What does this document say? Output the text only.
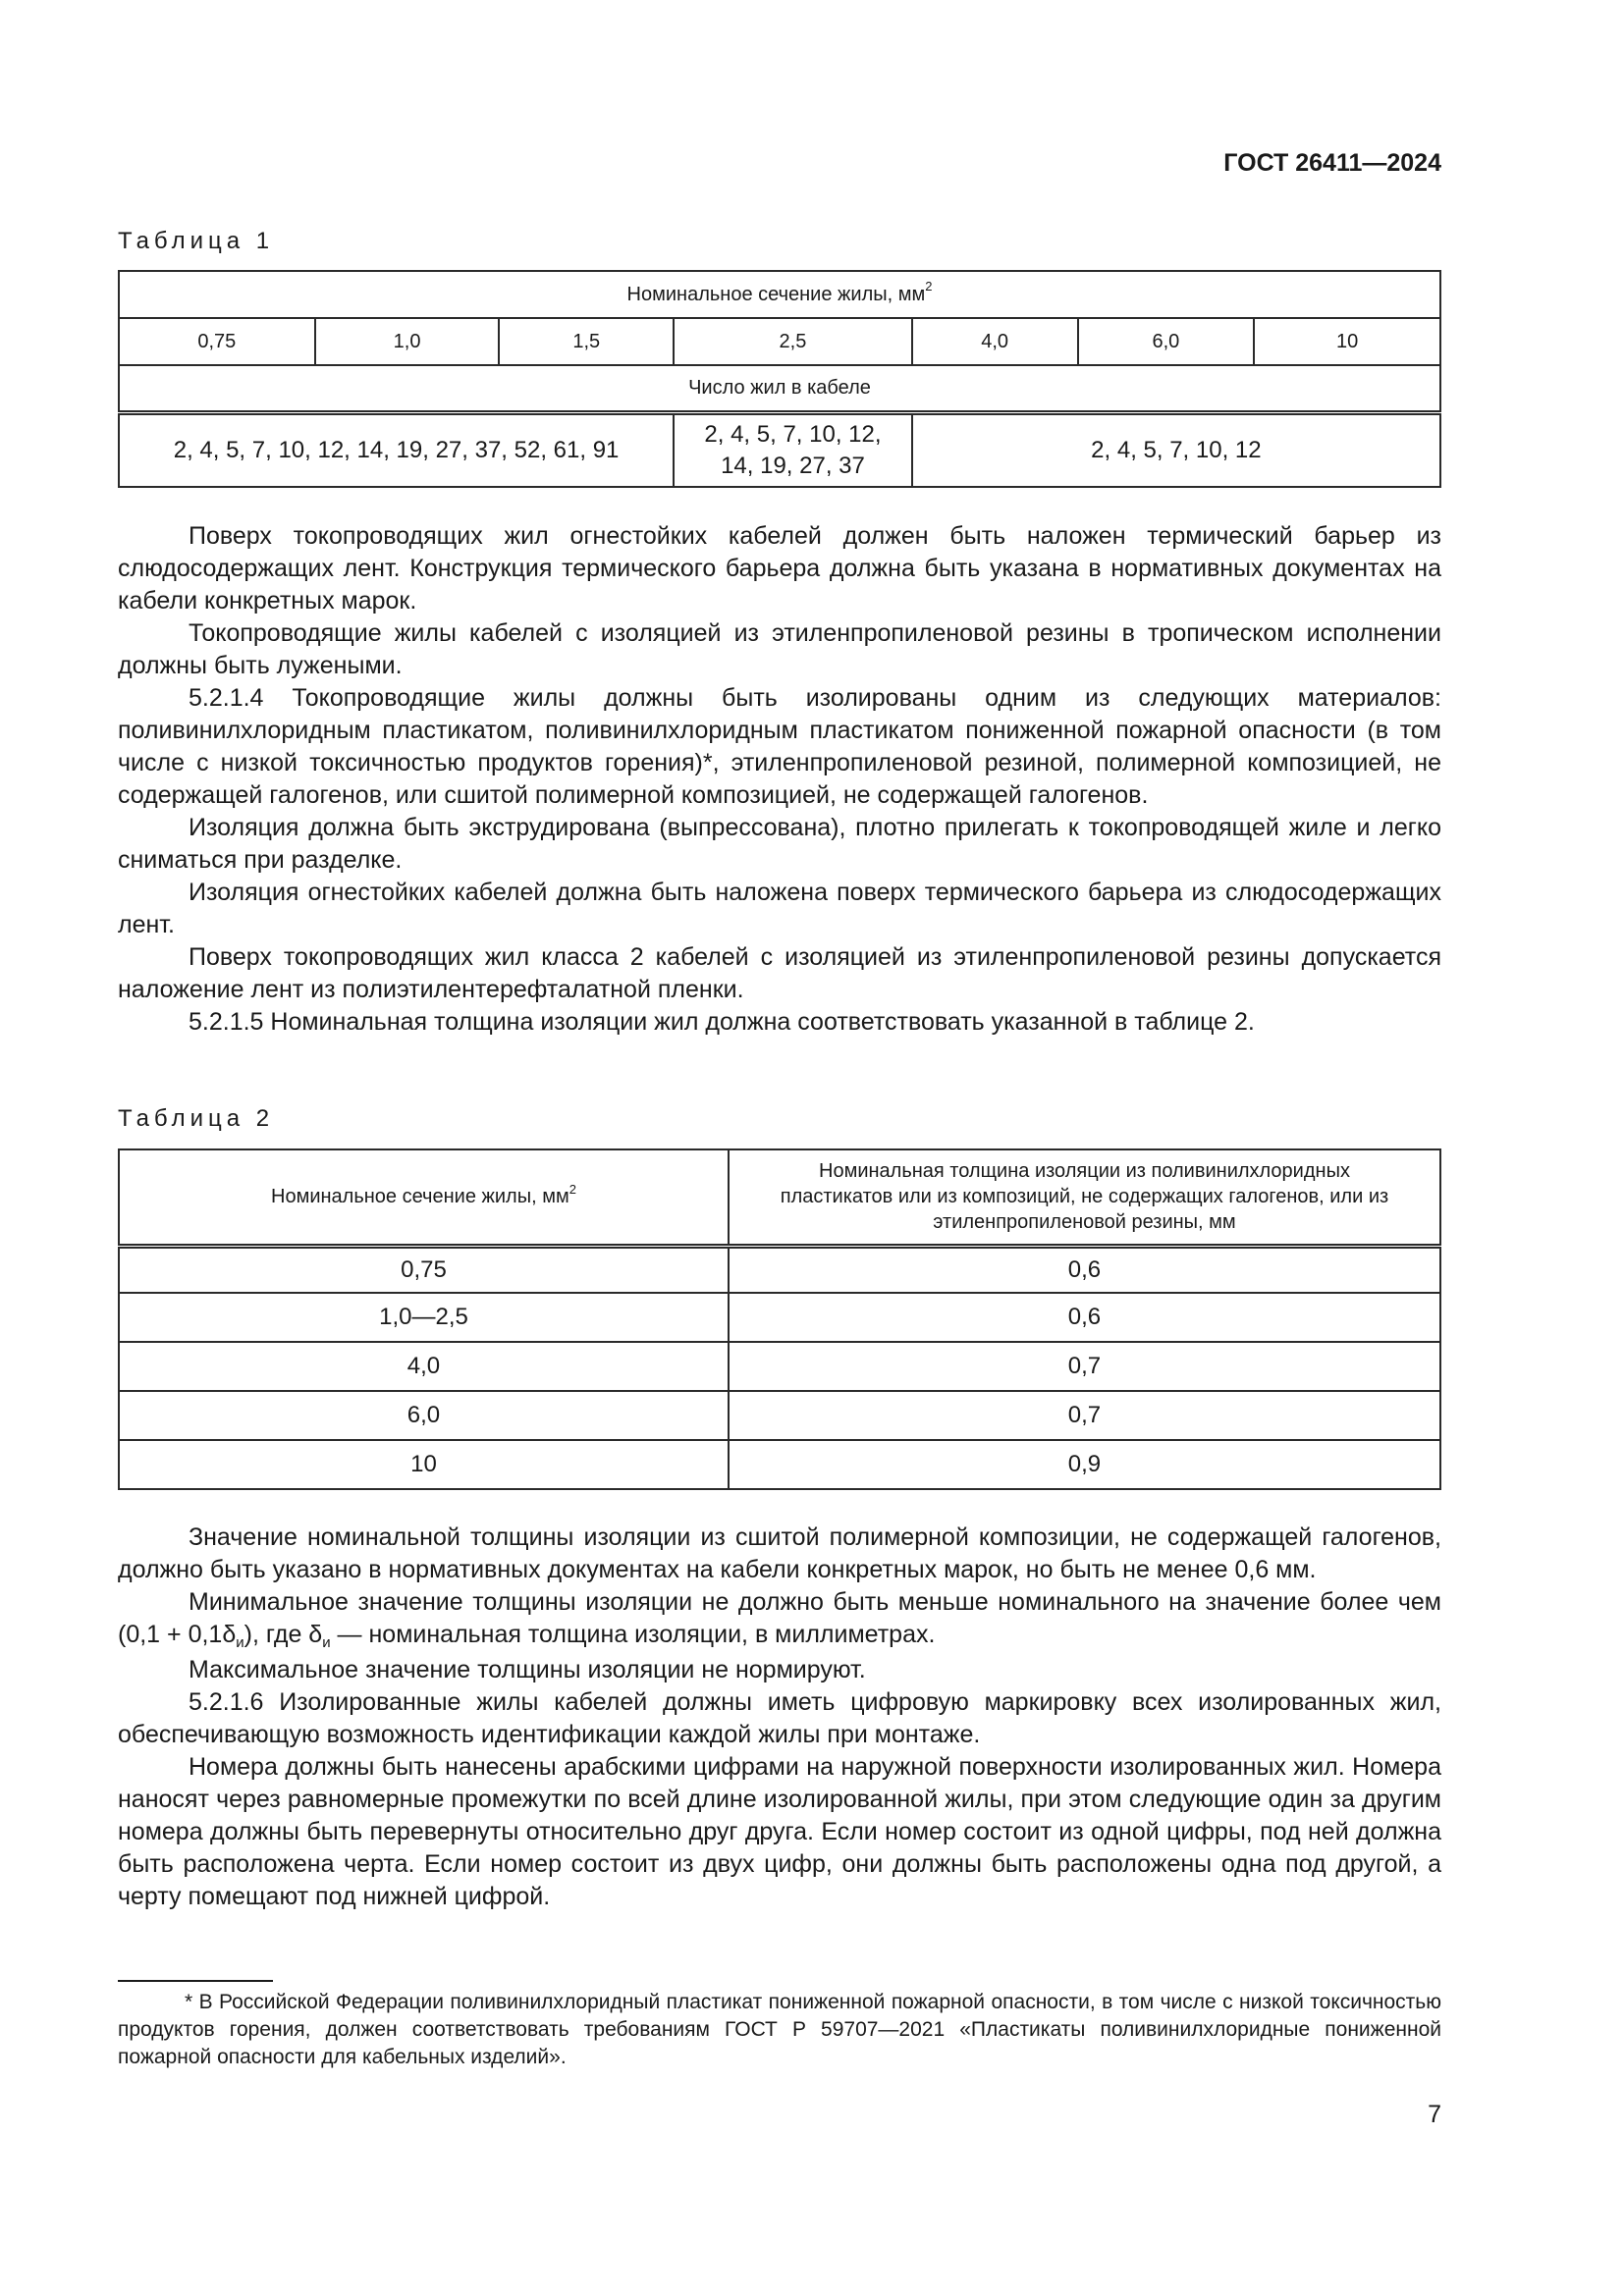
ГОСТ 26411—2024
Таблица 1
Номинальное сечение жилы, $мм^2$
0,75	1,0	1,5	2,5	4,0	6,0	10
Число жил в кабеле						
2, 4, 5, 7, 10, 12, 14, 19, 27, 37, 52, 61, 91			2, 4, 5, 7, 10, 12, 14, 19, 27, 37	2, 4, 5, 7, 10, 12		

Поверх токопроводящих жил огнестойких кабелей должен быть наложен термический барьер из слюдосодержащих лент. Конструкция термического барьера должна быть указана в нормативных документах на кабели конкретных марок.

Токопроводящие жилы кабелей с изоляцией из этиленпропиленовой резины в тропическом исполнении должны быть лужеными.

5.2.1.4 Токопроводящие жилы должны быть изолированы одним из следующих материалов: поливинилхлоридным пластикатом, поливинилхлоридным пластикатом пониженной пожарной опасности (в том числе с низкой токсичностью продуктов горения)*, этиленпропиленовой резиной, полимерной композицией, не содержащей галогенов, или сшитой полимерной композицией, не содержащей галогенов.

Изоляция должна быть экструдирована (выпрессована), плотно прилегать к токопроводящей жиле и легко сниматься при разделке.

Изоляция огнестойких кабелей должна быть наложена поверх термического барьера из слюдосодержащих лент.

Поверх токопроводящих жил класса 2 кабелей с изоляцией из этиленпропиленовой резины допускается наложение лент из полиэтилентерефталатной пленки.

5.2.1.5 Номинальная толщина изоляции жил должна соответствовать указанной в таблице 2.

Таблица 2
Номинальное сечение жилы, $мм^2$	Номинальная толщина изоляции из поливинилхлоридных пластикатов или из композиций, не содержащих галогенов, или из этиленпропиленовой резины, мм
0,75	0,6
1,0—2,5	0,6
4,0	0,7
6,0	0,7
10	0,9

Значение номинальной толщины изоляции из сшитой полимерной композиции, не содержащей галогенов, должно быть указано в нормативных документах на кабели конкретных марок, но быть не менее 0,6 мм.

Минимальное значение толщины изоляции не должно быть меньше номинального на значение более чем $(0,1 + 0,1\delta_и)$, где $\delta_и$ — номинальная толщина изоляции, в миллиметрах.

Максимальное значение толщины изоляции не нормируют.

5.2.1.6 Изолированные жилы кабелей должны иметь цифровую маркировку всех изолированных жил, обеспечивающую возможность идентификации каждой жилы при монтаже.

Номера должны быть нанесены арабскими цифрами на наружной поверхности изолированных жил. Номера наносят через равномерные промежутки по всей длине изолированной жилы, при этом следующие один за другим номера должны быть перевернуты относительно друг друга. Если номер состоит из одной цифры, под ней должна быть расположена черта. Если номер состоит из двух цифр, они должны быть расположены одна под другой, а черту помещают под нижней цифрой.

* В Российской Федерации поливинилхлоридный пластикат пониженной пожарной опасности, в том числе с низкой токсичностью продуктов горения, должен соответствовать требованиям ГОСТ Р 59707—2021 «Пластикаты поливинилхлоридные пониженной пожарной опасности для кабельных изделий».

7
